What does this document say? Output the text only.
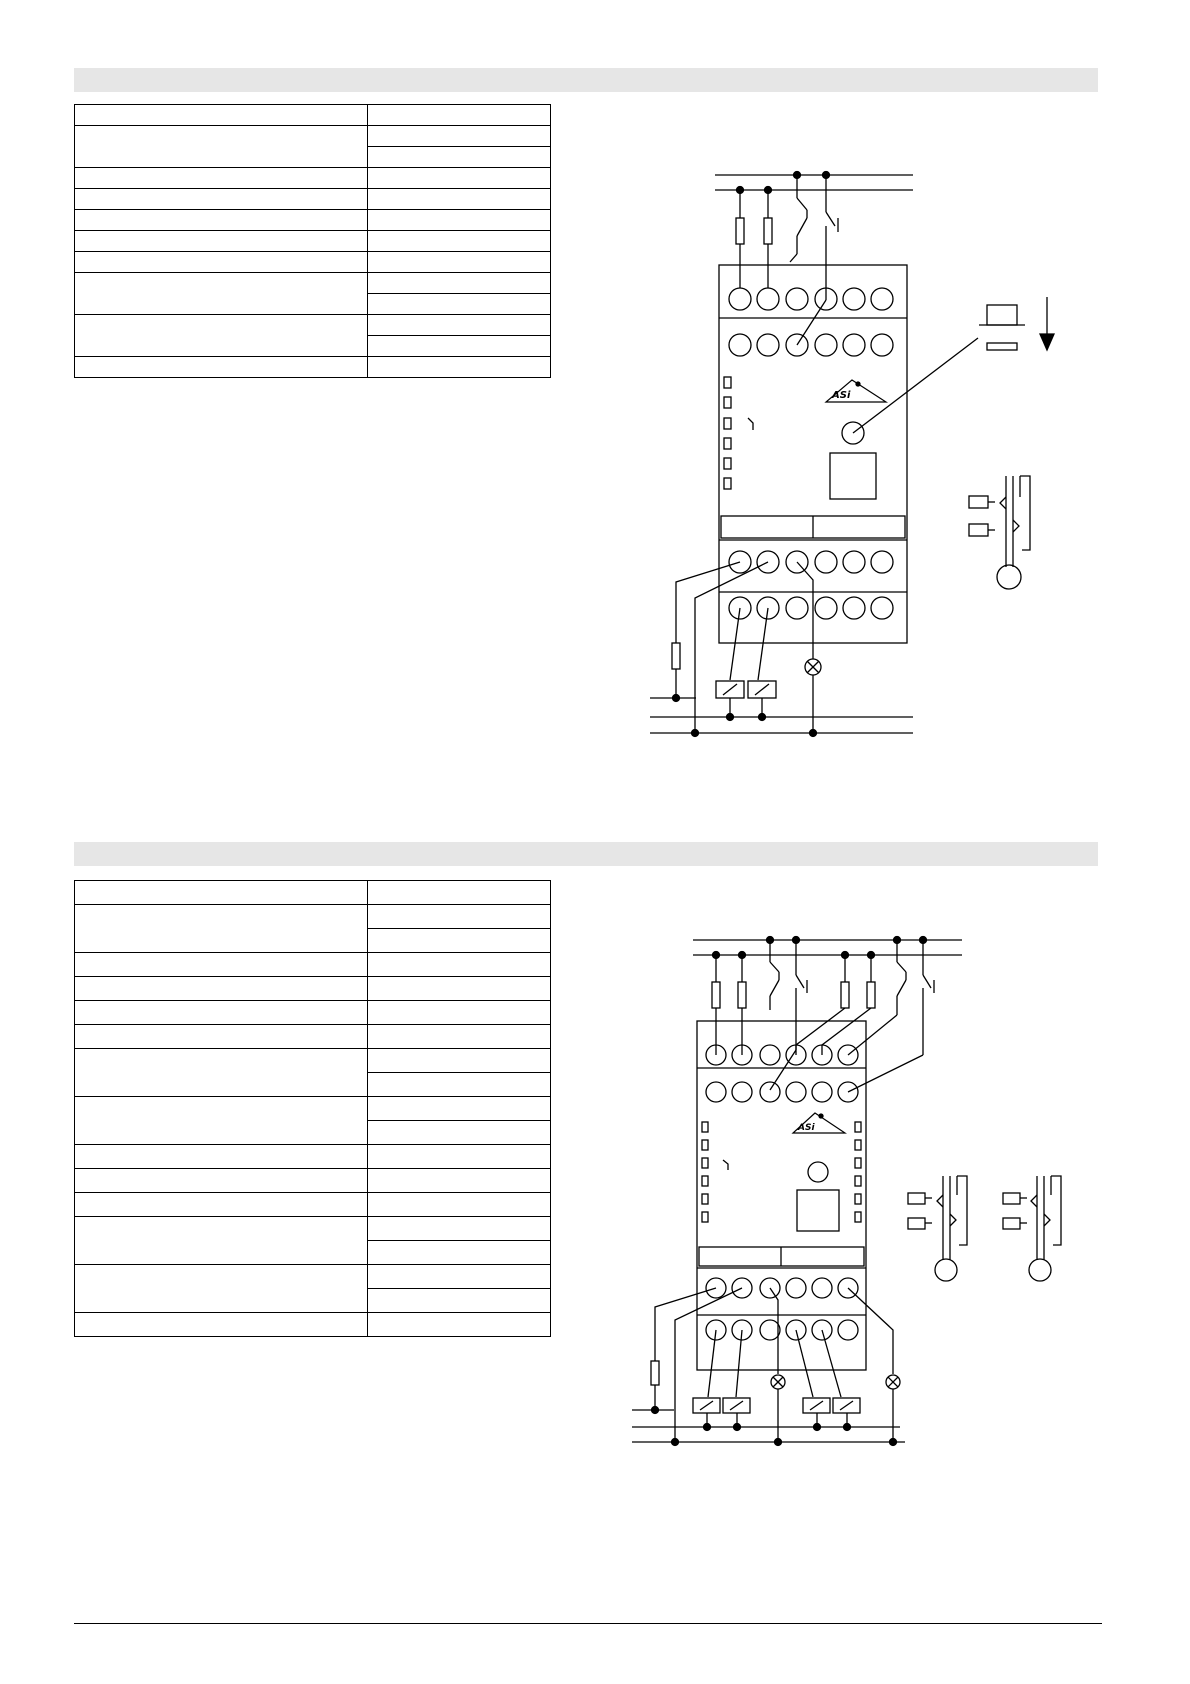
ASi

ASi
